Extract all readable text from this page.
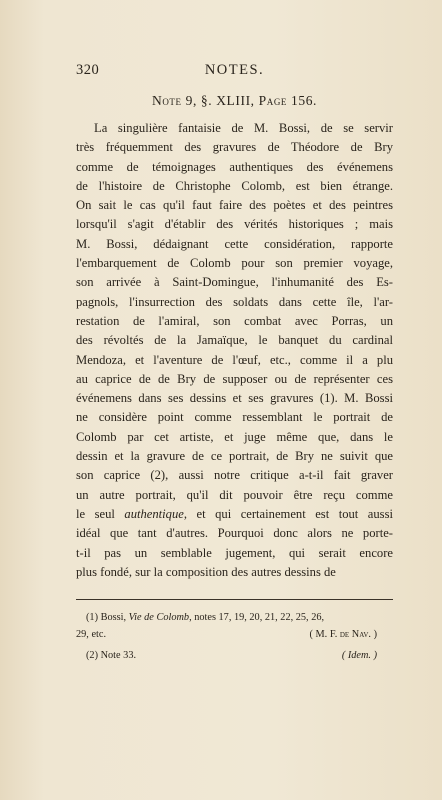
320	NOTES.
Note 9, §. XLIII, Page 156.
La singulière fantaisie de M. Bossi, de se servir
très fréquemment des gravures de Théodore de Bry
comme de témoignages authentiques des événemens
de l'histoire de Christophe Colomb, est bien étrange.
On sait le cas qu'il faut faire des poètes et des peintres
lorsqu'il s'agit d'établir des vérités historiques ; mais
M. Bossi, dédaignant cette considération, rapporte
l'embarquement de Colomb pour son premier voyage,
son arrivée à Saint-Domingue, l'inhumanité des Es-
pagnols, l'insurrection des soldats dans cette île, l'ar-
restation de l'amiral, son combat avec Porras, un
des révoltés de la Jamaïque, le banquet du cardinal
Mendoza, et l'aventure de l'œuf, etc., comme il a plu
au caprice de de Bry de supposer ou de représenter ces
événemens dans ses dessins et ses gravures (1). M. Bossi
ne considère point comme ressemblant le portrait de
Colomb par cet artiste, et juge même que, dans le
dessin et la gravure de ce portrait, de Bry ne suivit que
son caprice (2), aussi notre critique a-t-il fait graver
un autre portrait, qu'il dit pouvoir être reçu comme
le seul authentique, et qui certainement est tout aussi
idéal que tant d'autres. Pourquoi donc alors ne porte-
t-il pas un semblable jugement, qui serait encore
plus fondé, sur la composition des autres dessins de
(1) Bossi, Vie de Colomb, notes 17, 19, 20, 21, 22, 25, 26,
29, etc.	( M. F. de Nav. )
(2) Note 33.	( Idem. )
